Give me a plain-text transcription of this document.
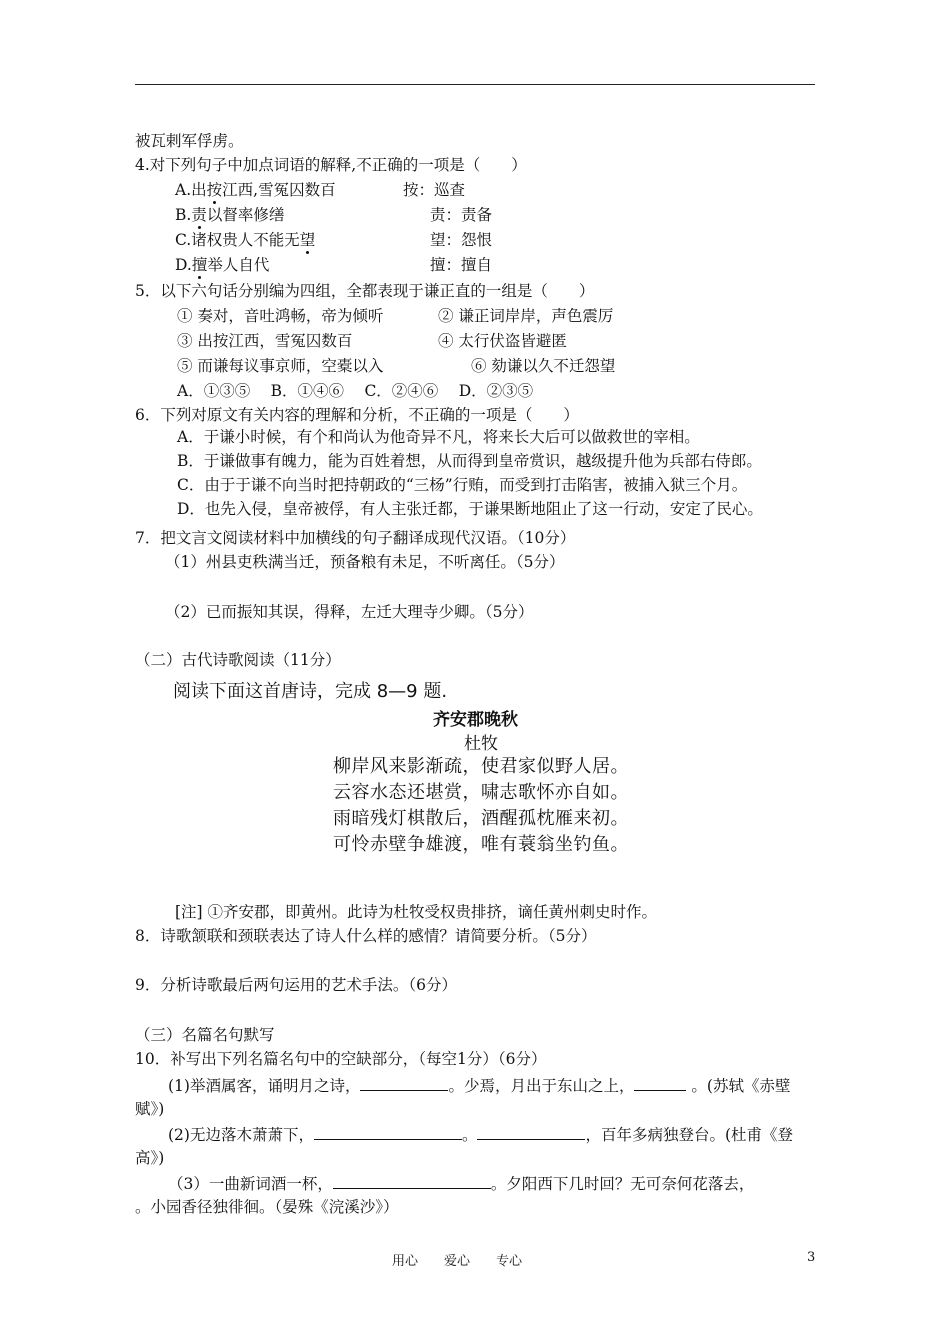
被瓦剌军俘虏。
4.对下列句子中加点词语的解释,不正确的一项是（　　）
A.出按江西,雪冤囚数百	按：巡查
B.责以督率修缮	责：责备
C.诸权贵人不能无望	望：怨恨
D.擅举人自代	擅：擅自
5．以下六句话分别编为四组，全都表现于谦正直的一组是（　　）
① 奏对，音吐鸿畅，帝为倾听	② 谦正词岸岸，声色震厉
③ 出按江西，雪冤囚数百	④ 太行伏盗皆避匿
⑤ 而谦每议事京师，空橐以入	⑥ 劾谦以久不迁怨望
A．①③⑤　 B．①④⑥　 C．②④⑥　 D．②③⑤
6．下列对原文有关内容的理解和分析，不正确的一项是（　　）
A．于谦小时候，有个和尚认为他奇异不凡，将来长大后可以做救世的宰相。
B．于谦做事有魄力，能为百姓着想，从而得到皇帝赏识，越级提升他为兵部右侍郎。
C．由于于谦不向当时把持朝政的“三杨”行贿，而受到打击陷害，被捕入狱三个月。
D．也先入侵，皇帝被俘，有人主张迁都，于谦果断地阻止了这一行动，安定了民心。
7．把文言文阅读材料中加横线的句子翻译成现代汉语。（10分）
（1）州县吏秩满当迁，预备粮有未足，不听离任。（5分）
（2）已而振知其误，得释，左迁大理寺少卿。（5分）
（二）古代诗歌阅读（11分）
阅读下面这首唐诗，完成 8—9 题.
齐安郡晚秋
杜牧
柳岸风来影渐疏，使君家似野人居。
云容水态还堪赏，啸志歌怀亦自如。
雨暗残灯棋散后，酒醒孤枕雁来初。
可怜赤壁争雄渡，唯有蓑翁坐钓鱼。
[注] ①齐安郡，即黄州。此诗为杜牧受权贵排挤，谪任黄州刺史时作。
8．诗歌颔联和颈联表达了诗人什么样的感情？请简要分析。（5分）
9．分析诗歌最后两句运用的艺术手法。（6分）
（三）名篇名句默写
10．补写出下列名篇名句中的空缺部分，（每空1分）（6分）
(1)举酒属客，诵明月之诗，	。少焉，月出于东山之上，	。(苏轼《赤壁
赋》)
(2)无边落木萧萧下，	。	，百年多病独登台。(杜甫《登
高》)
（3）一曲新词酒一杯，	。夕阳西下几时回？无可奈何花落去，
。小园香径独徘徊。（晏殊《浣溪沙》）
用心　　爱心　　专心	3
